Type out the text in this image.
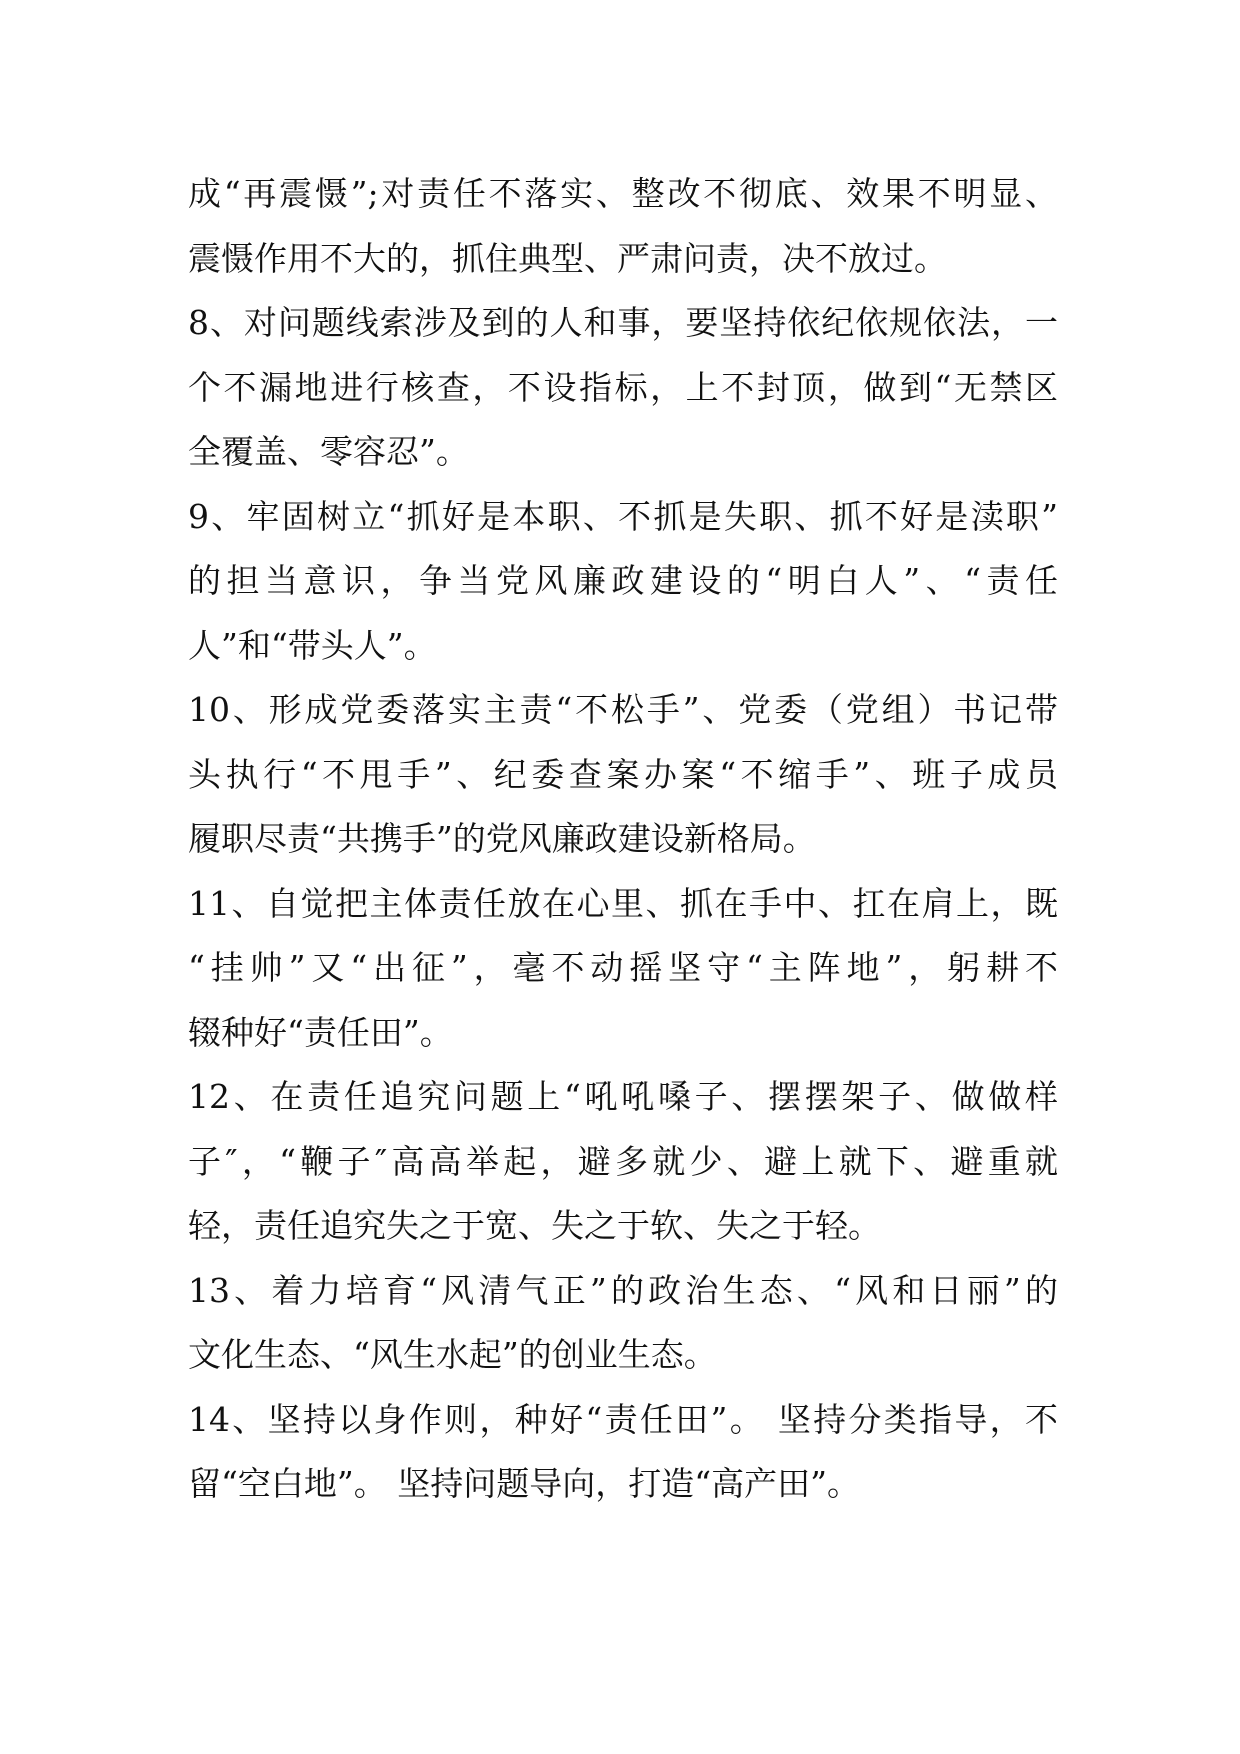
成“再震慑”;对责任不落实、整改不彻底、效果不明显、
震慑作用不大的，抓住典型、严肃问责，决不放过。
8、对问题线索涉及到的人和事，要坚持依纪依规依法，一
个不漏地进行核查，不设指标，上不封顶，做到“无禁区
全覆盖、零容忍”。
9、牢固树立“抓好是本职、不抓是失职、抓不好是渎职”
的担当意识，争当党风廉政建设的“明白人”、“责任
人”和“带头人”。
10、形成党委落实主责“不松手”、党委（党组）书记带
头执行“不甩手”、纪委查案办案“不缩手”、班子成员
履职尽责“共携手”的党风廉政建设新格局。
11、自觉把主体责任放在心里、抓在手中、扛在肩上，既
“挂帅”又“出征”，毫不动摇坚守“主阵地”，躬耕不
辍种好“责任田”。
12、在责任追究问题上“吼吼嗓子、摆摆架子、做做样
子″，“鞭子″高高举起，避多就少、避上就下、避重就
轻，责任追究失之于宽、失之于软、失之于轻。
13、着力培育“风清气正”的政治生态、“风和日丽”的
文化生态、“风生水起”的创业生态。
14、坚持以身作则，种好“责任田”。 坚持分类指导，不
留“空白地”。 坚持问题导向，打造“高产田”。
